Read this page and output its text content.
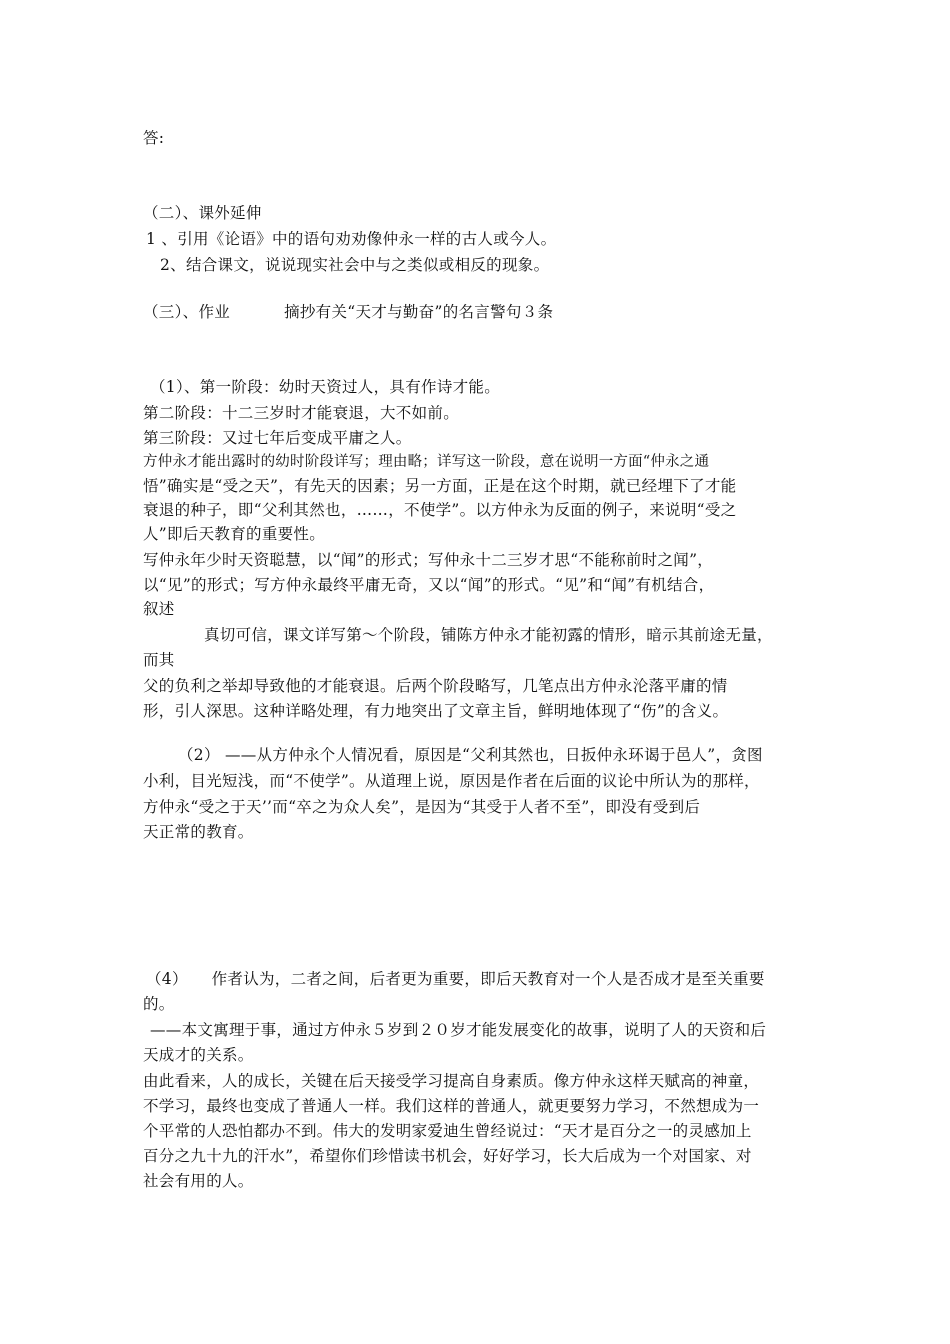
答:
（二）、课外延伸
1 、引用《论语》中的语句劝劝像仲永一样的古人或今人。
2、结合课文，说说现实社会中与之类似或相反的现象。
（三）、作业	摘抄有关“天才与勤奋”的名言警句３条
（1）、第一阶段：幼时天资过人，具有作诗才能。
第二阶段：十二三岁时才能衰退，大不如前。
第三阶段：又过七年后变成平庸之人。
方仲永才能出露时的幼时阶段详写；理由略；详写这一阶段，意在说明一方面“仲永之通
悟”确实是“受之天”，有先天的因素；另一方面，正是在这个时期，就已经埋下了才能
衰退的种子，即“父利其然也，……，不使学”。以方仲永为反面的例子，来说明“受之
人”即后天教育的重要性。
写仲永年少时天资聪慧，以“闻”的形式；写仲永十二三岁才思“不能称前时之闻”，
以“见”的形式；写方仲永最终平庸无奇，又以“闻”的形式。“见”和“闻”有机结合，
叙述
真切可信，课文详写第～个阶段，铺陈方仲永才能初露的情形，暗示其前途无量，
而其
父的负利之举却导致他的才能衰退。后两个阶段略写，几笔点出方仲永沦落平庸的情
形，引人深思。这种详略处理，有力地突出了文章主旨，鲜明地体现了“伤”的含义。
（2） ——从方仲永个人情况看，原因是“父利其然也，日扳仲永环谒于邑人”，贪图
小利，目光短浅，而“不使学”。从道理上说，原因是作者在后面的议论中所认为的那样，
方仲永“受之于天’’而“卒之为众人矣”，是因为“其受于人者不至”，即没有受到后
天正常的教育。
（4）　　作者认为，二者之间，后者更为重要，即后天教育对一个人是否成才是至关重要
的。
——本文寓理于事，通过方仲永５岁到２０岁才能发展变化的故事，说明了人的天资和后
天成才的关系。
由此看来，人的成长，关键在后天接受学习提高自身素质。像方仲永这样天赋高的神童，
不学习，最终也变成了普通人一样。我们这样的普通人，就更要努力学习，不然想成为一
个平常的人恐怕都办不到。伟大的发明家爱迪生曾经说过：“天才是百分之一的灵感加上
百分之九十九的汗水”，希望你们珍惜读书机会，好好学习，长大后成为一个对国家、对
社会有用的人。
